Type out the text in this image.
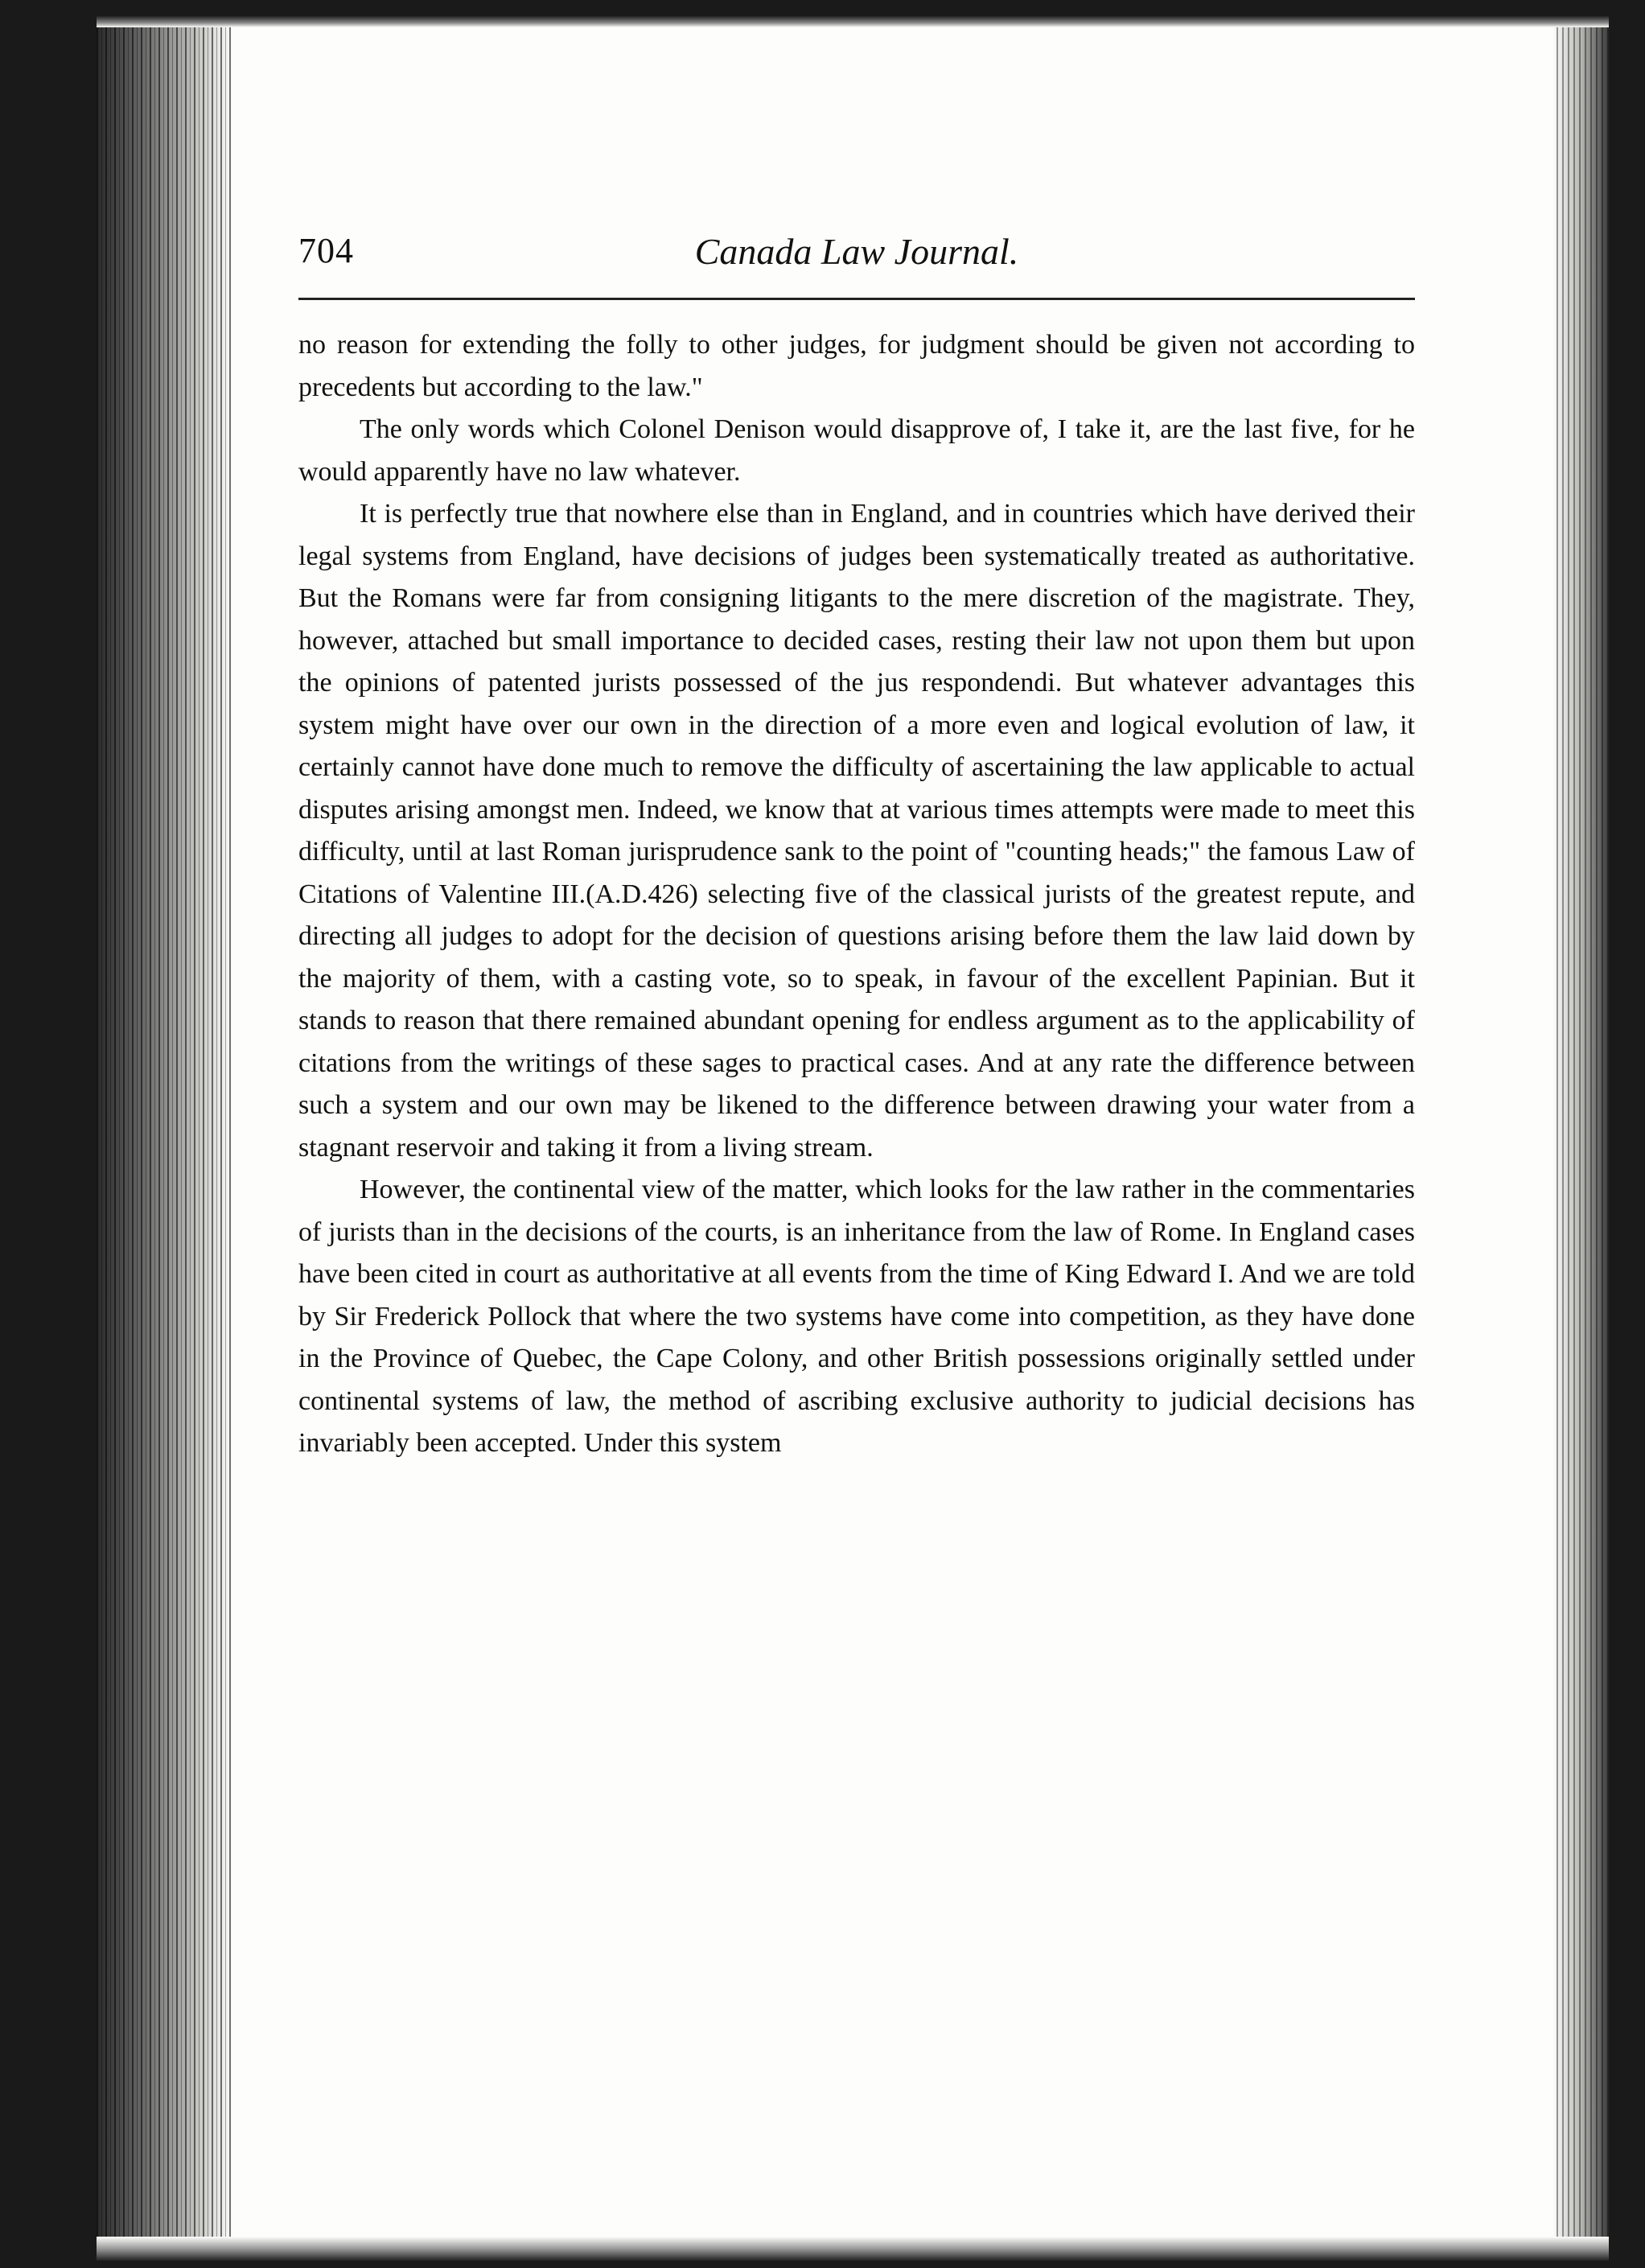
704	Canada Law Journal.

no reason for extending the folly to other judges, for judgment should be given not according to precedents but according to the law."

The only words which Colonel Denison would disapprove of, I take it, are the last five, for he would apparently have no law whatever.

It is perfectly true that nowhere else than in England, and in countries which have derived their legal systems from England, have decisions of judges been systematically treated as authoritative. But the Romans were far from consigning litigants to the mere discretion of the magistrate. They, however, attached but small importance to decided cases, resting their law not upon them but upon the opinions of patented jurists possessed of the jus respondendi. But whatever advantages this system might have over our own in the direction of a more even and logical evolution of law, it certainly cannot have done much to remove the difficulty of ascertaining the law applicable to actual disputes arising amongst men. Indeed, we know that at various times attempts were made to meet this difficulty, until at last Roman jurisprudence sank to the point of "counting heads;" the famous Law of Citations of Valentine III.(A.D.426) selecting five of the classical jurists of the greatest repute, and directing all judges to adopt for the decision of questions arising before them the law laid down by the majority of them, with a casting vote, so to speak, in favour of the excellent Papinian. But it stands to reason that there remained abundant opening for endless argument as to the applicability of citations from the writings of these sages to practical cases. And at any rate the difference between such a system and our own may be likened to the difference between drawing your water from a stagnant reservoir and taking it from a living stream.

However, the continental view of the matter, which looks for the law rather in the commentaries of jurists than in the decisions of the courts, is an inheritance from the law of Rome. In England cases have been cited in court as authoritative at all events from the time of King Edward I. And we are told by Sir Frederick Pollock that where the two systems have come into competition, as they have done in the Province of Quebec, the Cape Colony, and other British possessions originally settled under continental systems of law, the method of ascribing exclusive authority to judicial decisions has invariably been accepted. Under this system
